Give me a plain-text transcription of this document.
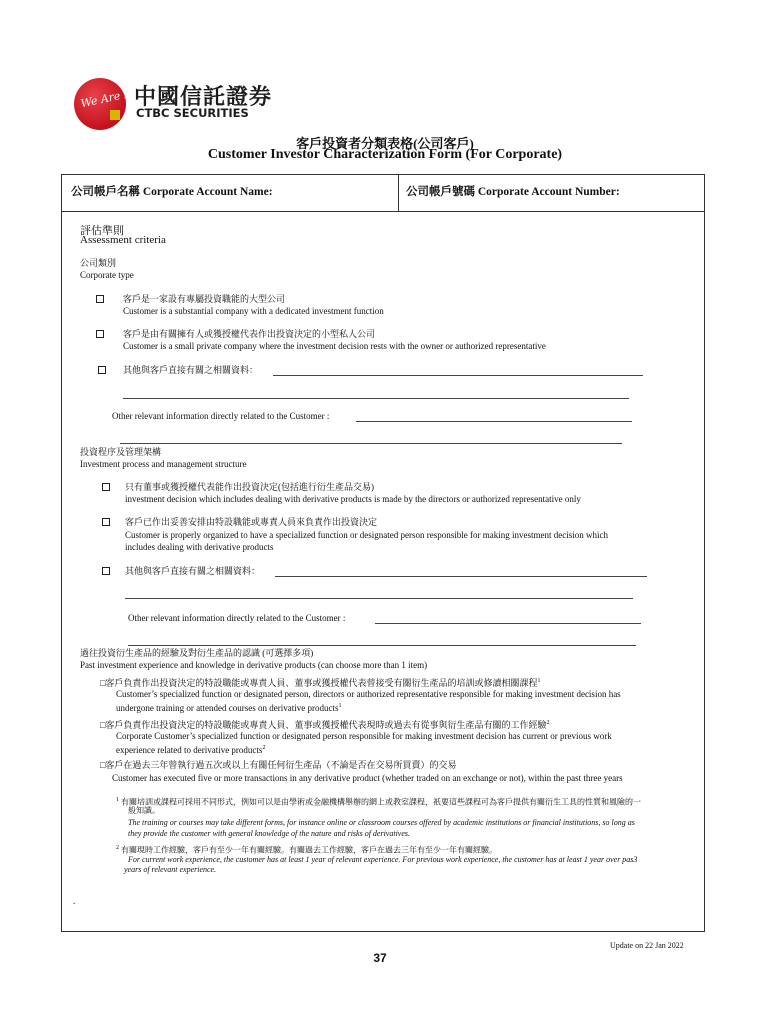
We Are Family
中國信託證券
CTBC SECURITIES
客戶投資者分類表格(公司客戶)
Customer Investor Characterization Form (For Corporate)
公司帳戶名稱 Corporate Account Name:	公司帳戶號碼 Corporate Account Number:
評估準則
Assessment criteria
公司類別
Corporate type
客戶是一家設有專屬投資職能的大型公司
Customer is a substantial company with a dedicated investment function
客戶是由有關擁有人或獲授權代表作出投資決定的小型私人公司
Customer is a small private company where the investment decision rests with the owner or authorized representative
其他與客戶直接有關之相關資料：
Other relevant information directly related to the Customer :
投資程序及管理架構
Investment process and management structure
只有董事或獲授權代表能作出投資決定(包括進行衍生產品交易)
investment decision which includes dealing with derivative products is made by the directors or authorized representative only
客戶已作出妥善安排由特設職能或專責人員來負責作出投資決定
Customer is properly organized to have a specialized function or designated person responsible for making investment decision which
includes dealing with derivative products
其他與客戶直接有關之相關資料：
Other relevant information directly related to the Customer :
過往投資衍生產品的經驗及對衍生產品的認識 (可選擇多項)
Past investment experience and knowledge in derivative products (can choose more than 1 item)
□客戶負責作出投資決定的特設職能或專責人員、董事或獲授權代表曾接受有關衍生產品的培訓或修讀相關課程$^1$
Customer’s specialized function or designated person, directors or authorized representative responsible for making investment decision has
undergone training or attended courses on derivative products$^1$
□客戶負責作出投資決定的特設職能或專責人員、董事或獲授權代表現時或過去有從事與衍生產品有關的工作經驗$^2$
Corporate Customer’s specialized function or designated person responsible for making investment decision has current or previous work
experience related to derivative products$^2$
□客戶在過去三年曾執行過五次或以上有關任何衍生產品（不論是否在交易所買賣）的交易
Customer has executed five or more transactions in any derivative product (whether traded on an exchange or not), within the past three years
$^1$ 有關培訓或課程可採用不同形式，例如可以是由學術或金融機構舉辦的網上或教室課程，祇要這些課程可為客戶提供有關衍生工具的性質和風險的一
般知識。
The training or courses may take different forms, for instance online or classroom courses offered by academic institutions or financial institutions, so long as
they provide the customer with general knowledge of the nature and risks of derivatives.
$^2$ 有關現時工作經驗，客戶有至少一年有關經驗。有關過去工作經驗，客戶在過去三年有至少一年有關經驗。
For current work experience, the customer has at least 1 year of relevant experience. For previous work experience, the customer has at least 1 year over pas3
years of relevant experience.
.
Update on 22 Jan 2022
37
